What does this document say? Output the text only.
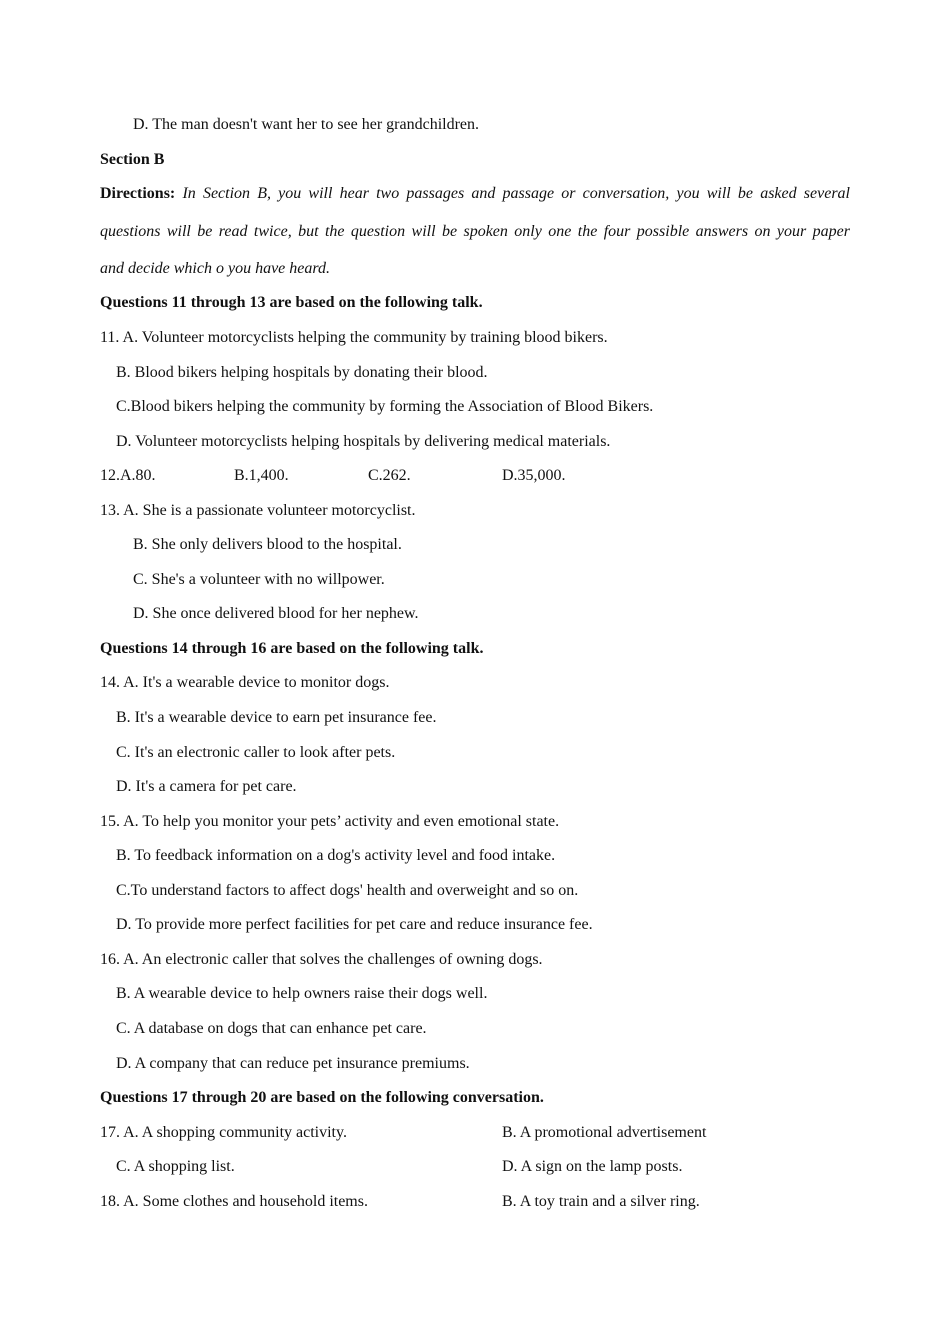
D. The man doesn't want her to see her grandchildren.
Section B
Directions: In Section B, you will hear two passages and passage or conversation, you will be asked several
questions will be read twice, but the question will be spoken only one the four possible answers on your paper
and decide which o you have heard.
Questions 11 through 13 are based on the following talk.
11. A. Volunteer motorcyclists helping the community by training blood bikers.
B. Blood bikers helping hospitals by donating their blood.
C.Blood bikers helping the community by forming the Association of Blood Bikers.
D. Volunteer motorcyclists helping hospitals by delivering medical materials.
12.A.80.	B.1,400.	C.262.	D.35,000.
13. A. She is a passionate volunteer motorcyclist.
B. She only delivers blood to the hospital.
C. She's a volunteer with no willpower.
D. She once delivered blood for her nephew.
Questions 14 through 16 are based on the following talk.
14. A. It's a wearable device to monitor dogs.
B. It's a wearable device to earn pet insurance fee.
C. It's an electronic caller to look after pets.
D. It's a camera for pet care.
15. A. To help you monitor your pets’ activity and even emotional state.
B. To feedback information on a dog's activity level and food intake.
C.To understand factors to affect dogs' health and overweight and so on.
D. To provide more perfect facilities for pet care and reduce insurance fee.
16. A. An electronic caller that solves the challenges of owning dogs.
B. A wearable device to help owners raise their dogs well.
C. A database on dogs that can enhance pet care.
D. A company that can reduce pet insurance premiums.
Questions 17 through 20 are based on the following conversation.
17. A. A shopping community activity.	B. A promotional advertisement
C. A shopping list.	D. A sign on the lamp posts.
18. A. Some clothes and household items.	B. A toy train and a silver ring.
